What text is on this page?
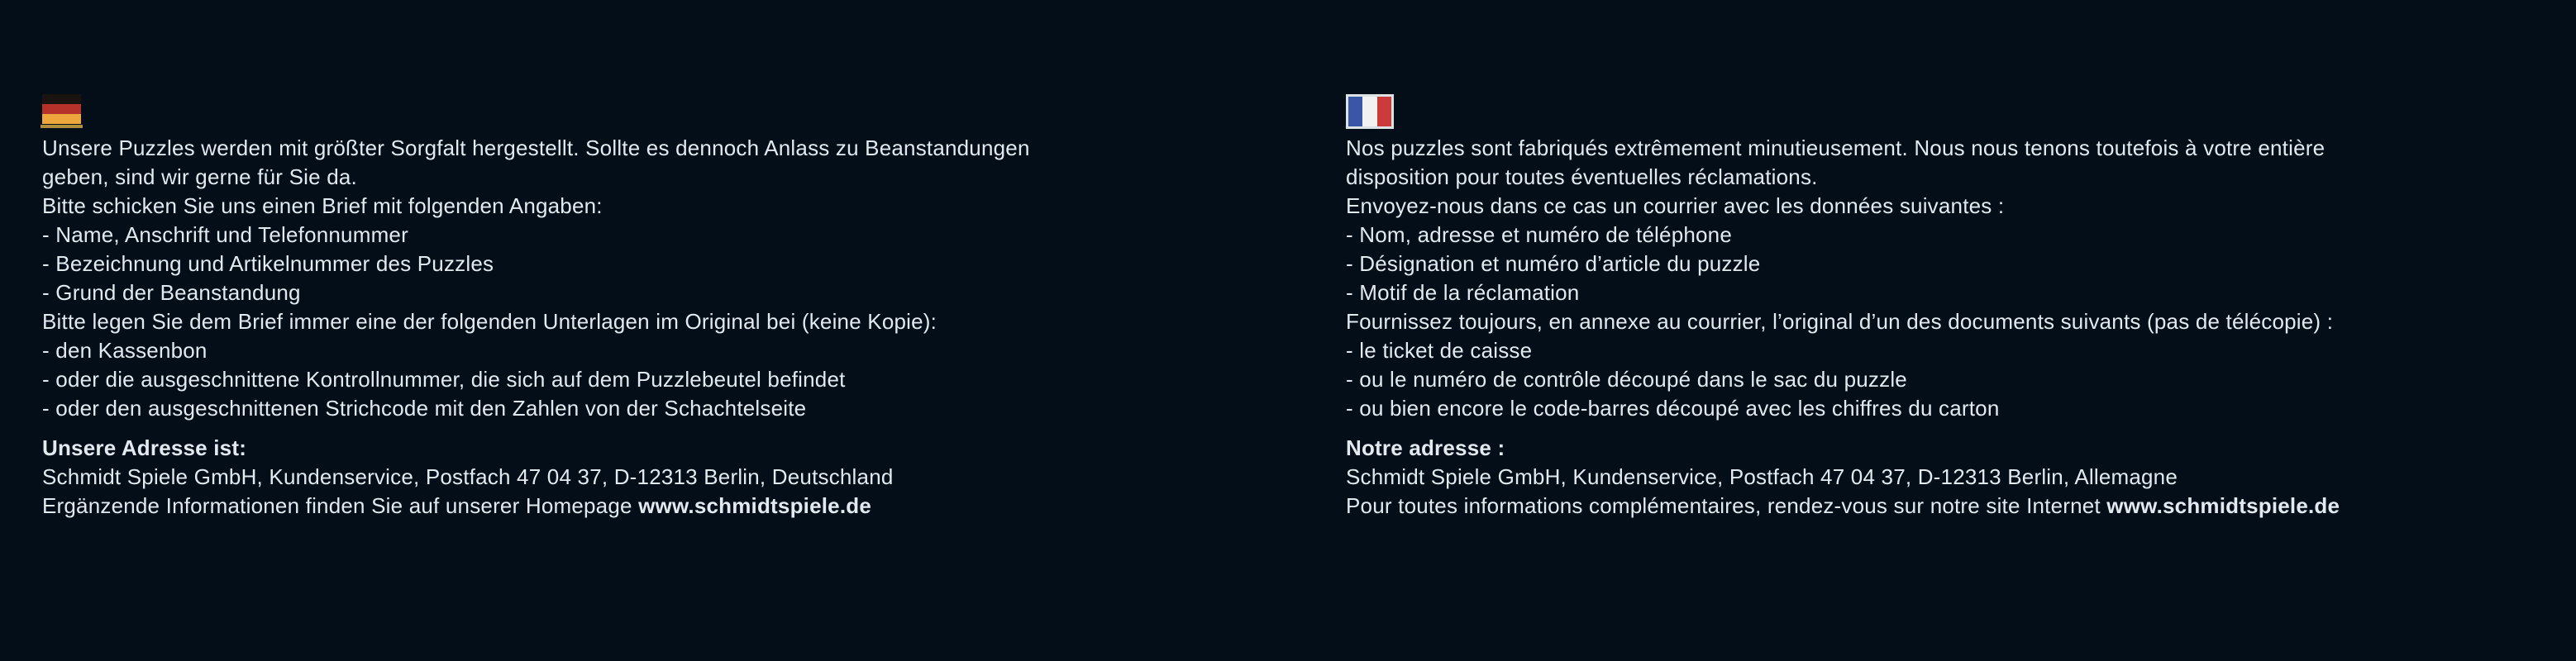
Unsere Puzzles werden mit größter Sorgfalt hergestellt. Sollte es dennoch Anlass zu Beanstandungen

geben, sind wir gerne für Sie da.

Bitte schicken Sie uns einen Brief mit folgenden Angaben:

- Name, Anschrift und Telefonnummer

- Bezeichnung und Artikelnummer des Puzzles

- Grund der Beanstandung

Bitte legen Sie dem Brief immer eine der folgenden Unterlagen im Original bei (keine Kopie):

- den Kassenbon

- oder die ausgeschnittene Kontrollnummer, die sich auf dem Puzzlebeutel befindet

- oder den ausgeschnittenen Strichcode mit den Zahlen von der Schachtelseite

Unsere Adresse ist:

Schmidt Spiele GmbH, Kundenservice, Postfach 47 04 37, D-12313 Berlin, Deutschland

Ergänzende Informationen finden Sie auf unserer Homepage www.schmidtspiele.de

Nos puzzles sont fabriqués extrêmement minutieusement. Nous nous tenons toutefois à votre entière

disposition pour toutes éventuelles réclamations.

Envoyez-nous dans ce cas un courrier avec les données suivantes :

- Nom, adresse et numéro de téléphone

- Désignation et numéro d’article du puzzle

- Motif de la réclamation

Fournissez toujours, en annexe au courrier, l’original d’un des documents suivants (pas de télécopie) :

- le ticket de caisse

- ou le numéro de contrôle découpé dans le sac du puzzle

- ou bien encore le code-barres découpé avec les chiffres du carton

Notre adresse :

Schmidt Spiele GmbH, Kundenservice, Postfach 47 04 37, D-12313 Berlin, Allemagne

Pour toutes informations complémentaires, rendez-vous sur notre site Internet www.schmidtspiele.de
